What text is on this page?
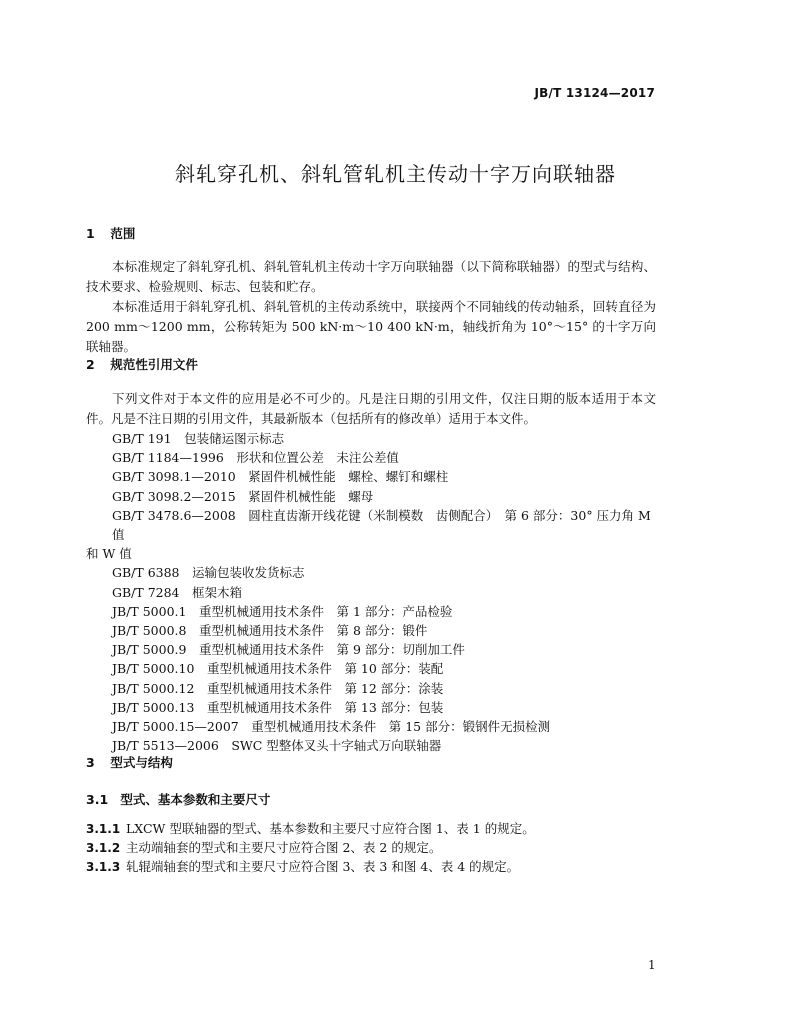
JB/T 13124—2017
斜轧穿孔机、斜轧管轧机主传动十字万向联轴器
1 范围

本标准规定了斜轧穿孔机、斜轧管轧机主传动十字万向联轴器（以下简称联轴器）的型式与结构、技术要求、检验规则、标志、包装和贮存。

本标准适用于斜轧穿孔机、斜轧管机的主传动系统中，联接两个不同轴线的传动轴系，回转直径为200 mm～1200 mm，公称转矩为 500 kN·m～10 400 kN·m，轴线折角为 10°～15° 的十字万向联轴器。

2 规范性引用文件

下列文件对于本文件的应用是必不可少的。凡是注日期的引用文件，仅注日期的版本适用于本文件。凡是不注日期的引用文件，其最新版本（包括所有的修改单）适用于本文件。

GB/T 191　 包装储运图示标志
GB/T 1184—1996　 形状和位置公差　未注公差值
GB/T 3098.1—2010　 紧固件机械性能　螺栓、螺钉和螺柱
GB/T 3098.2—2015　 紧固件机械性能　螺母
GB/T 3478.6—2008　 圆柱直齿渐开线花键（米制模数　齿侧配合）　第 6 部分：30° 压力角 M 值
和 W 值
GB/T 6388　 运输包装收发货标志
GB/T 7284　 框架木箱
JB/T 5000.1　 重型机械通用技术条件　第 1 部分：产品检验
JB/T 5000.8　 重型机械通用技术条件　第 8 部分：锻件
JB/T 5000.9　 重型机械通用技术条件　第 9 部分：切削加工件
JB/T 5000.10　 重型机械通用技术条件　第 10 部分：装配
JB/T 5000.12　 重型机械通用技术条件　第 12 部分：涂装
JB/T 5000.13　 重型机械通用技术条件　第 13 部分：包装
JB/T 5000.15—2007　 重型机械通用技术条件　第 15 部分：锻钢件无损检测
JB/T 5513—2006　 SWC 型整体叉头十字轴式万向联轴器
3 型式与结构
3.1 型式、基本参数和主要尺寸
3.1.1 LXCW 型联轴器的型式、基本参数和主要尺寸应符合图 1、表 1 的规定。
3.1.2 主动端轴套的型式和主要尺寸应符合图 2、表 2 的规定。
3.1.3 轧辊端轴套的型式和主要尺寸应符合图 3、表 3 和图 4、表 4 的规定。
1
